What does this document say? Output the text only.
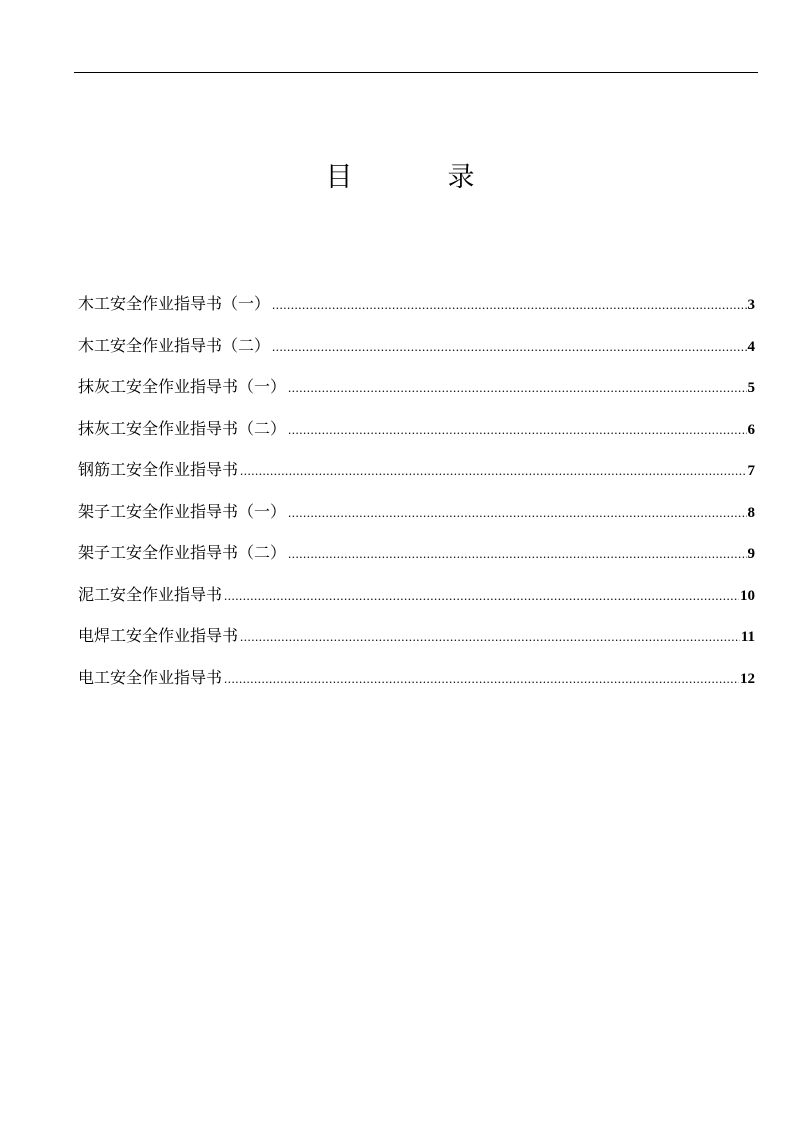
目　录
木工安全作业指导书（一） .....	3
木工安全作业指导书（二） .....	4
抹灰工安全作业指导书（一） .....	5
抹灰工安全作业指导书（二） .....	6
钢筋工安全作业指导书 .....	7
架子工安全作业指导书（一） .....	8
架子工安全作业指导书（二） .....	9
泥工安全作业指导书 .....	10
电焊工安全作业指导书 .....	11
电工安全作业指导书 .....	12
